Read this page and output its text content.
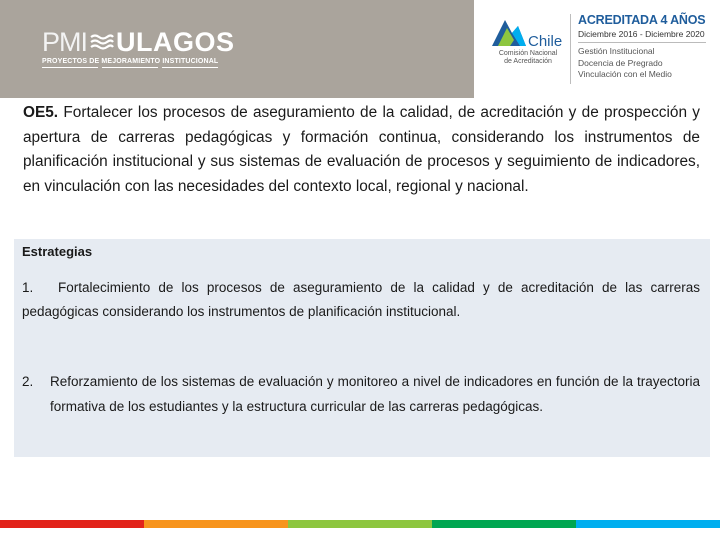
PMI ULAGOS
PROYECTOS DE MEJORAMIENTO INSTITUCIONAL
Chile
Comisión Nacional
de Acreditación
ACREDITADA 4 AÑOS
Diciembre 2016 - Diciembre 2020
Gestión Institucional
Docencia de Pregrado
Vinculación con el Medio
OE5. Fortalecer los procesos de aseguramiento de la calidad, de acreditación y de prospección y apertura de carreras pedagógicas y formación continua, considerando los instrumentos de planificación institucional y sus sistemas de evaluación de procesos y seguimiento de indicadores, en vinculación con las necesidades del contexto local, regional y nacional.
Estrategias
1. Fortalecimiento de los procesos de aseguramiento de la calidad y de acreditación de las carreras pedagógicas considerando los instrumentos de planificación institucional.
2.	Reforzamiento de los sistemas de evaluación y monitoreo a nivel de indicadores en función de la trayectoria formativa de los estudiantes y la estructura curricular de las carreras pedagógicas.
